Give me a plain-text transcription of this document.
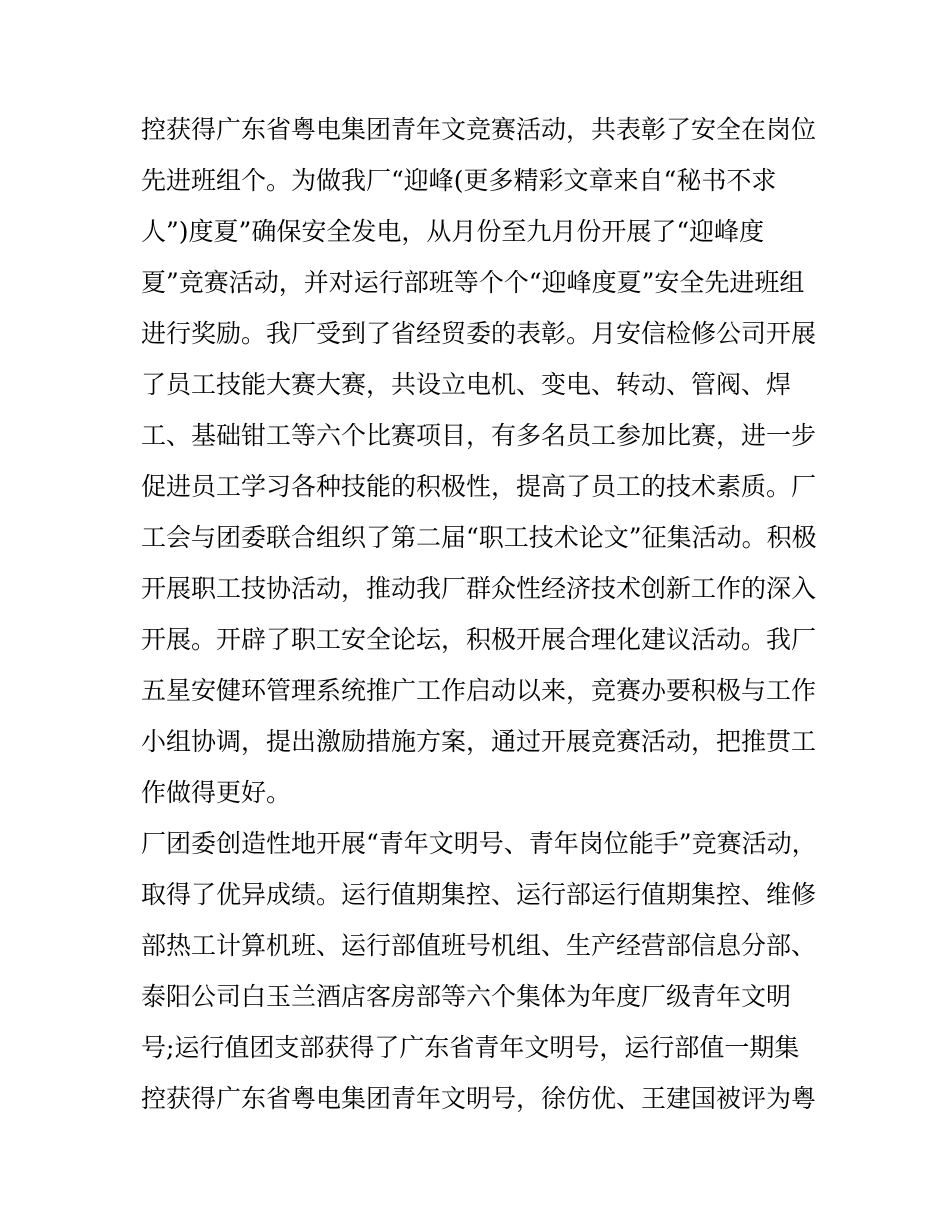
控获得广东省粤电集团青年文竞赛活动，共表彰了安全在岗位
先进班组个。为做我厂“迎峰(更多精彩文章来自“秘书不求
人”)度夏”确保安全发电，从月份至九月份开展了“迎峰度
夏”竞赛活动，并对运行部班等个个“迎峰度夏”安全先进班组
进行奖励。我厂受到了省经贸委的表彰。月安信检修公司开展
了员工技能大赛大赛，共设立电机、变电、转动、管阀、焊
工、基础钳工等六个比赛项目，有多名员工参加比赛，进一步
促进员工学习各种技能的积极性，提高了员工的技术素质。厂
工会与团委联合组织了第二届“职工技术论文”征集活动。积极
开展职工技协活动，推动我厂群众性经济技术创新工作的深入
开展。开辟了职工安全论坛，积极开展合理化建议活动。我厂
五星安健环管理系统推广工作启动以来，竞赛办要积极与工作
小组协调，提出激励措施方案，通过开展竞赛活动，把推贯工
作做得更好。
厂团委创造性地开展“青年文明号、青年岗位能手”竞赛活动，
取得了优异成绩。运行值期集控、运行部运行值期集控、维修
部热工计算机班、运行部值班号机组、生产经营部信息分部、
泰阳公司白玉兰酒店客房部等六个集体为年度厂级青年文明
号;运行值团支部获得了广东省青年文明号，运行部值一期集
控获得广东省粤电集团青年文明号，徐仿优、王建国被评为粤
